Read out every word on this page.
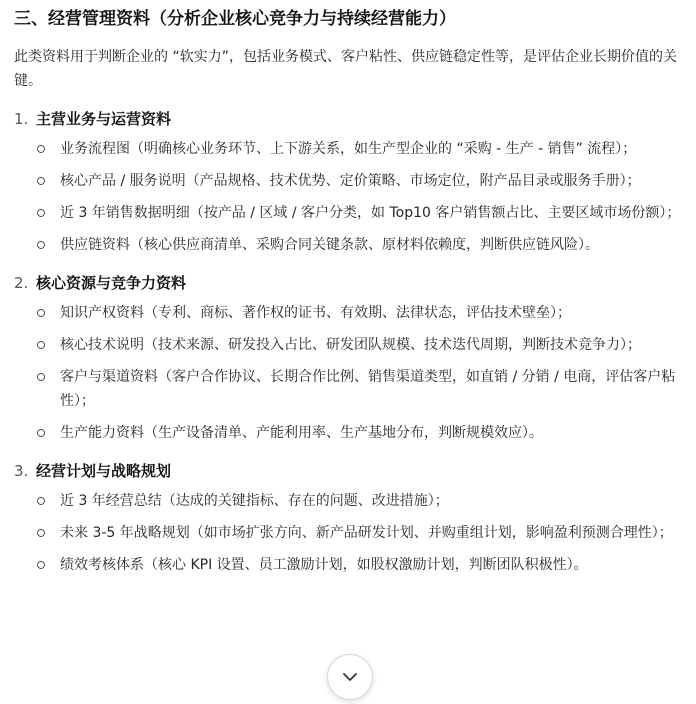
三、经营管理资料（分析企业核心竞争力与持续经营能力）

此类资料用于判断企业的 “软实力”，包括业务模式、客户粘性、供应链稳定性等，是评估企业长期价值的关键。

1. 主营业务与运营资料
业务流程图（明确核心业务环节、上下游关系，如生产型企业的 “采购 - 生产 - 销售” 流程）；
核心产品 / 服务说明（产品规格、技术优势、定价策略、市场定位，附产品目录或服务手册）；
近 3 年销售数据明细（按产品 / 区域 / 客户分类，如 Top10 客户销售额占比、主要区域市场份额）；
供应链资料（核心供应商清单、采购合同关键条款、原材料依赖度，判断供应链风险）。
2. 核心资源与竞争力资料
知识产权资料（专利、商标、著作权的证书、有效期、法律状态，评估技术壁垒）；
核心技术说明（技术来源、研发投入占比、研发团队规模、技术迭代周期，判断技术竞争力）；
客户与渠道资料（客户合作协议、长期合作比例、销售渠道类型，如直销 / 分销 / 电商，评估客户粘性）；
生产能力资料（生产设备清单、产能利用率、生产基地分布，判断规模效应）。
3. 经营计划与战略规划
近 3 年经营总结（达成的关键指标、存在的问题、改进措施）；
未来 3-5 年战略规划（如市场扩张方向、新产品研发计划、并购重组计划，影响盈利预测合理性）；
绩效考核体系（核心 KPI 设置、员工激励计划，如股权激励计划，判断团队积极性）。
